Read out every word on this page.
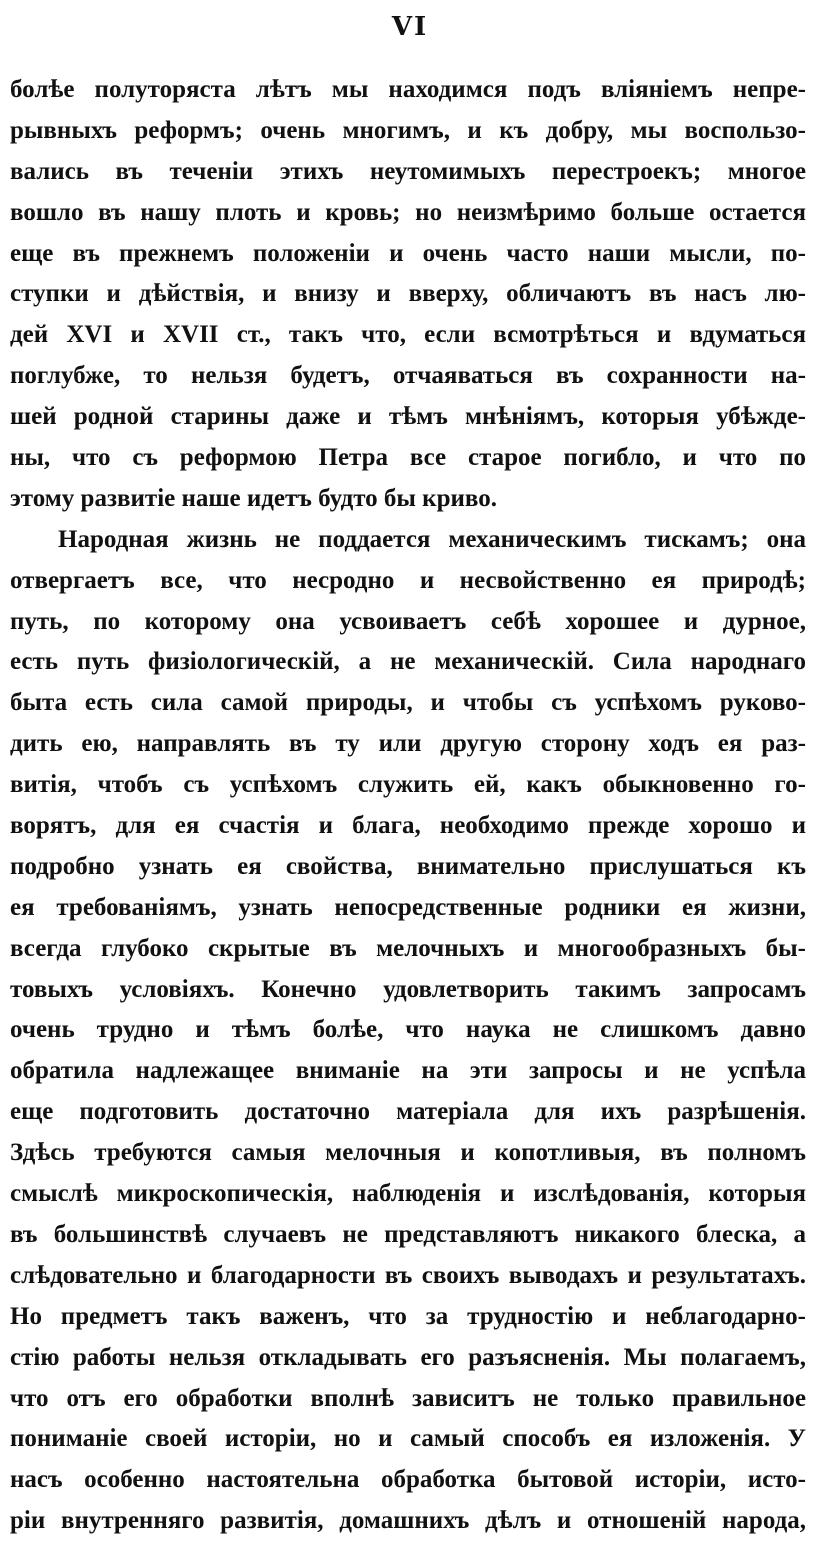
VI
болѣе полуторяста лѣтъ мы находимся подъ вліяніемъ непре-
рывныхъ реформъ; очень многимъ, и къ добру, мы воспользо-
вались въ теченіи этихъ неутомимыхъ перестроекъ; многое
вошло въ нашу плоть и кровь; но неизмѣримо больше остается
еще въ прежнемъ положеніи и очень часто наши мысли, по-
ступки и дѣйствія, и внизу и вверху, обличаютъ въ насъ лю-
дей XVI и XVII ст., такъ что, если всмотрѣться и вдуматься
поглубже, то нельзя будетъ, отчаяваться въ сохранности на-
шей родной старины даже и тѣмъ мнѣніямъ, которыя убѣжде-
ны, что съ реформою Петра все старое погибло, и что по
этому развитіе наше идетъ будто бы криво.
Народная жизнь не поддается механическимъ тискамъ; она
отвергаетъ все, что несродно и несвойственно ея природѣ;
путь, по которому она усвоиваетъ себѣ хорошее и дурное,
есть путь физіологическій, а не механическій. Сила народнаго
быта есть сила самой природы, и чтобы съ успѣхомъ руково-
дить ею, направлять въ ту или другую сторону ходъ ея раз-
витія, чтобъ съ успѣхомъ служить ей, какъ обыкновенно го-
ворятъ, для ея счастія и блага, необходимо прежде хорошо и
подробно узнать ея свойства, внимательно прислушаться къ
ея требованіямъ, узнать непосредственные родники ея жизни,
всегда глубоко скрытые въ мелочныхъ и многообразныхъ бы-
товыхъ условіяхъ. Конечно удовлетворить такимъ запросамъ
очень трудно и тѣмъ болѣе, что наука не слишкомъ давно
обратила надлежащее вниманіе на эти запросы и не успѣла
еще подготовить достаточно матеріала для ихъ разрѣшенія.
Здѣсь требуются самыя мелочныя и копотливыя, въ полномъ
смыслѣ микроскопическія, наблюденія и изслѣдованія, которыя
въ большинствѣ случаевъ не представляютъ никакого блеска, а
слѣдовательно и благодарности въ своихъ выводахъ и результатахъ.
Но предметъ такъ важенъ, что за трудностію и неблагодарно-
стію работы нельзя откладывать его разъясненія. Мы полагаемъ,
что отъ его обработки вполнѣ зависитъ не только правильное
пониманіе своей исторіи, но и самый способъ ея изложенія. У
насъ особенно настоятельна обработка бытовой исторіи, исто-
ріи внутренняго развитія, домашнихъ дѣлъ и отношеній народа,
